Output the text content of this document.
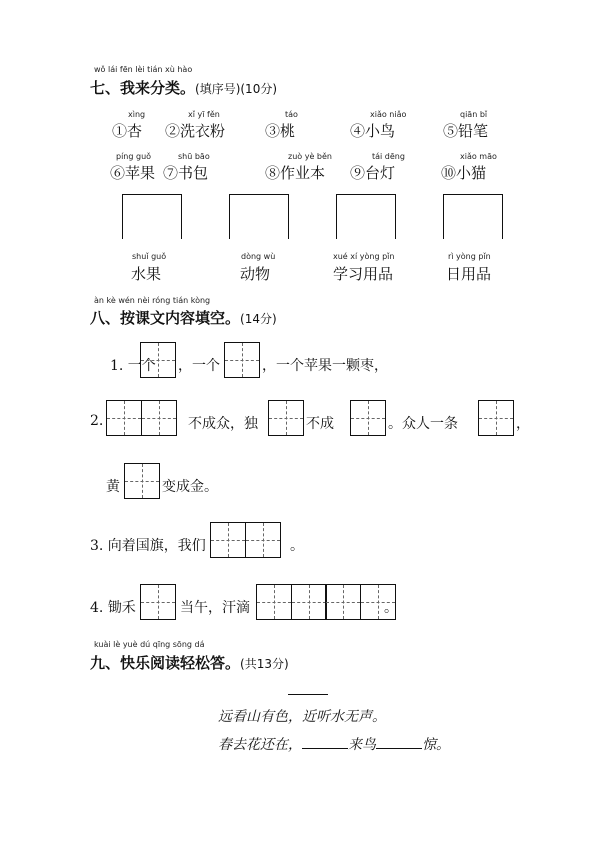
wǒ lái fēn lèi tián xù hào
七、我来分类。(填序号)(10分)
xìng
①杏
xǐ yī fěn
②洗衣粉
táo
③桃
xiǎo niǎo
④小鸟
qiān bǐ
⑤铅笔
píng guǒ
⑥苹果
shū bāo
⑦书包
zuò yè běn
⑧作业本
tái dēng
⑨台灯
xiǎo māo
⑩小猫
shuǐ guǒ
水果
dòng wù
动物
xué xí yòng pǐn
学习用品
rì yòng pǐn
日用品
àn kè wén nèi róng tián kòng
八、按课文内容填空。(14分)
1. 一个 ，一个	，一个苹果一颗枣，
2.	不成众，独	不成	。众人一条	，
黄	变成金。
3. 向着国旗，我们	。
4. 锄禾	当午，汗滴	。
kuài lè yuè dú qīng sōng dá
九、快乐阅读轻松答。(共13分)
远看山有色，近听水无声。
春去花还在，	来鸟	惊。
